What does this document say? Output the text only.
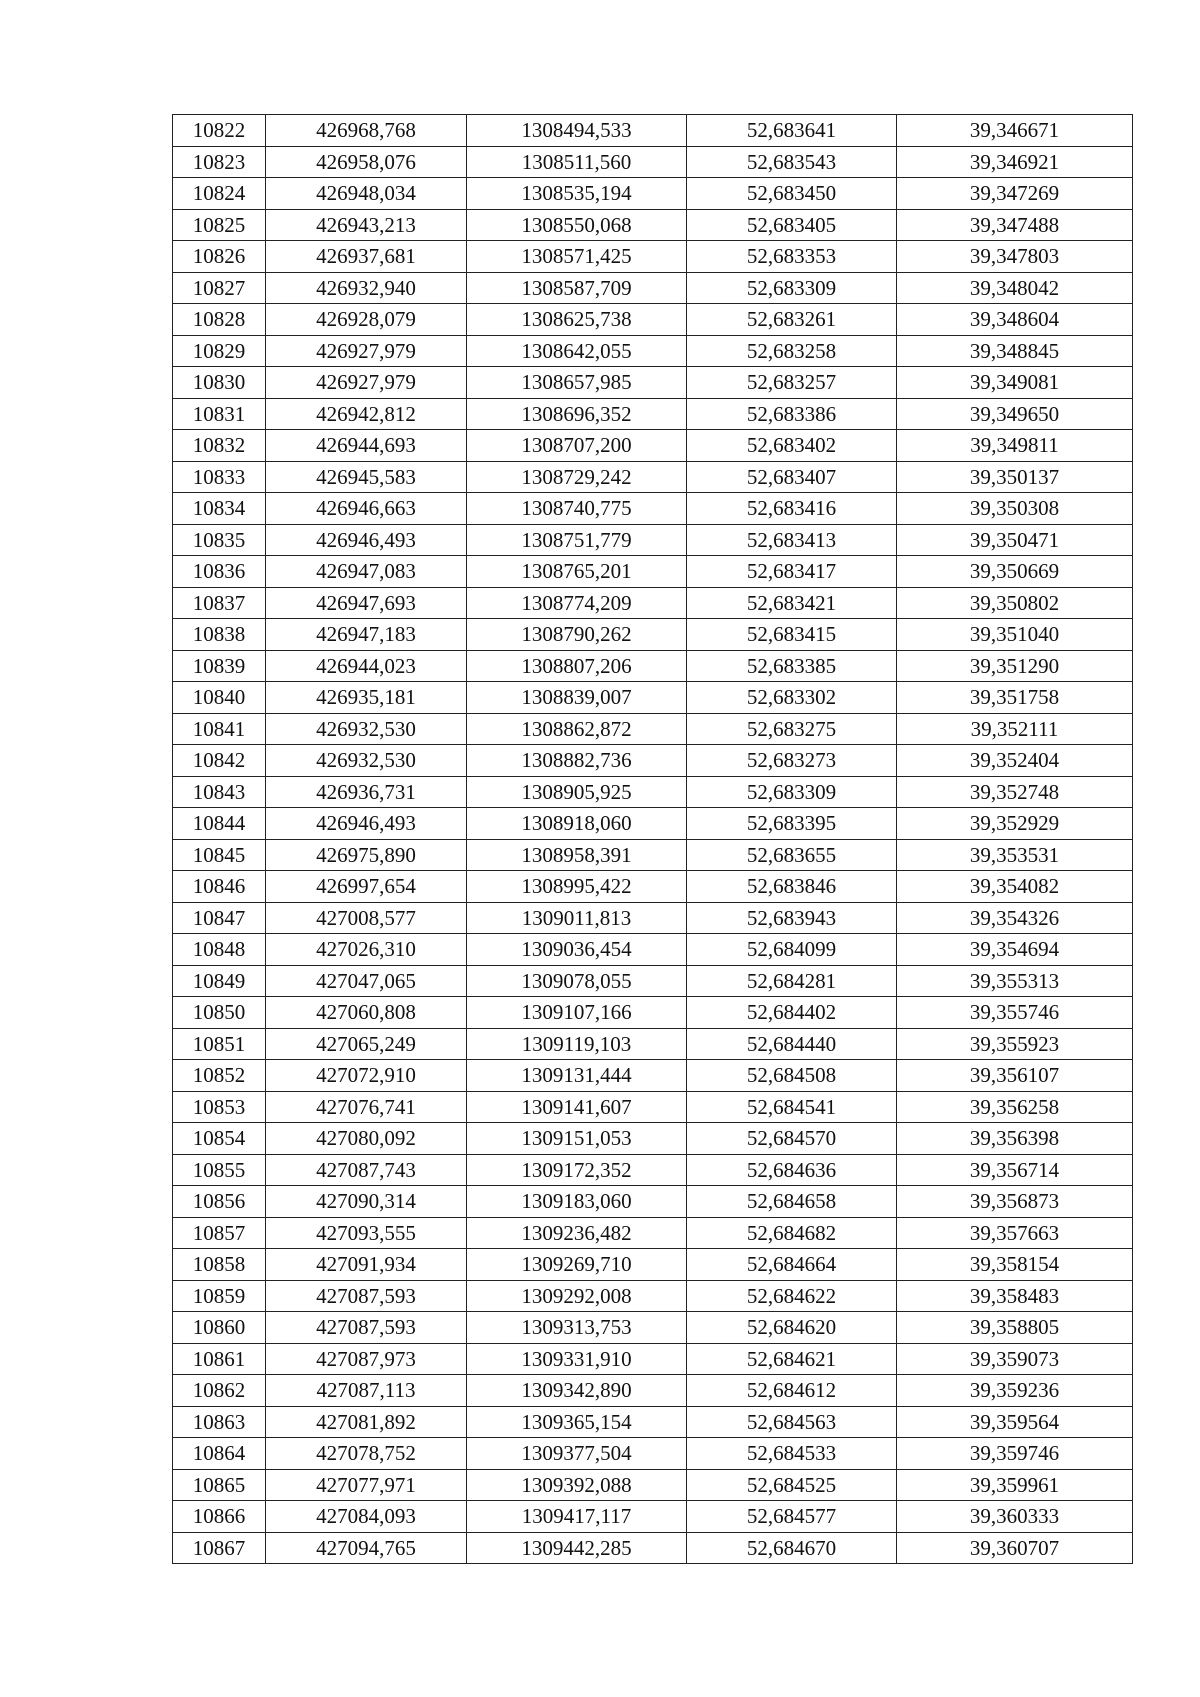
10822	426968,768	1308494,533	52,683641	39,346671
10823	426958,076	1308511,560	52,683543	39,346921
10824	426948,034	1308535,194	52,683450	39,347269
10825	426943,213	1308550,068	52,683405	39,347488
10826	426937,681	1308571,425	52,683353	39,347803
10827	426932,940	1308587,709	52,683309	39,348042
10828	426928,079	1308625,738	52,683261	39,348604
10829	426927,979	1308642,055	52,683258	39,348845
10830	426927,979	1308657,985	52,683257	39,349081
10831	426942,812	1308696,352	52,683386	39,349650
10832	426944,693	1308707,200	52,683402	39,349811
10833	426945,583	1308729,242	52,683407	39,350137
10834	426946,663	1308740,775	52,683416	39,350308
10835	426946,493	1308751,779	52,683413	39,350471
10836	426947,083	1308765,201	52,683417	39,350669
10837	426947,693	1308774,209	52,683421	39,350802
10838	426947,183	1308790,262	52,683415	39,351040
10839	426944,023	1308807,206	52,683385	39,351290
10840	426935,181	1308839,007	52,683302	39,351758
10841	426932,530	1308862,872	52,683275	39,352111
10842	426932,530	1308882,736	52,683273	39,352404
10843	426936,731	1308905,925	52,683309	39,352748
10844	426946,493	1308918,060	52,683395	39,352929
10845	426975,890	1308958,391	52,683655	39,353531
10846	426997,654	1308995,422	52,683846	39,354082
10847	427008,577	1309011,813	52,683943	39,354326
10848	427026,310	1309036,454	52,684099	39,354694
10849	427047,065	1309078,055	52,684281	39,355313
10850	427060,808	1309107,166	52,684402	39,355746
10851	427065,249	1309119,103	52,684440	39,355923
10852	427072,910	1309131,444	52,684508	39,356107
10853	427076,741	1309141,607	52,684541	39,356258
10854	427080,092	1309151,053	52,684570	39,356398
10855	427087,743	1309172,352	52,684636	39,356714
10856	427090,314	1309183,060	52,684658	39,356873
10857	427093,555	1309236,482	52,684682	39,357663
10858	427091,934	1309269,710	52,684664	39,358154
10859	427087,593	1309292,008	52,684622	39,358483
10860	427087,593	1309313,753	52,684620	39,358805
10861	427087,973	1309331,910	52,684621	39,359073
10862	427087,113	1309342,890	52,684612	39,359236
10863	427081,892	1309365,154	52,684563	39,359564
10864	427078,752	1309377,504	52,684533	39,359746
10865	427077,971	1309392,088	52,684525	39,359961
10866	427084,093	1309417,117	52,684577	39,360333
10867	427094,765	1309442,285	52,684670	39,360707
